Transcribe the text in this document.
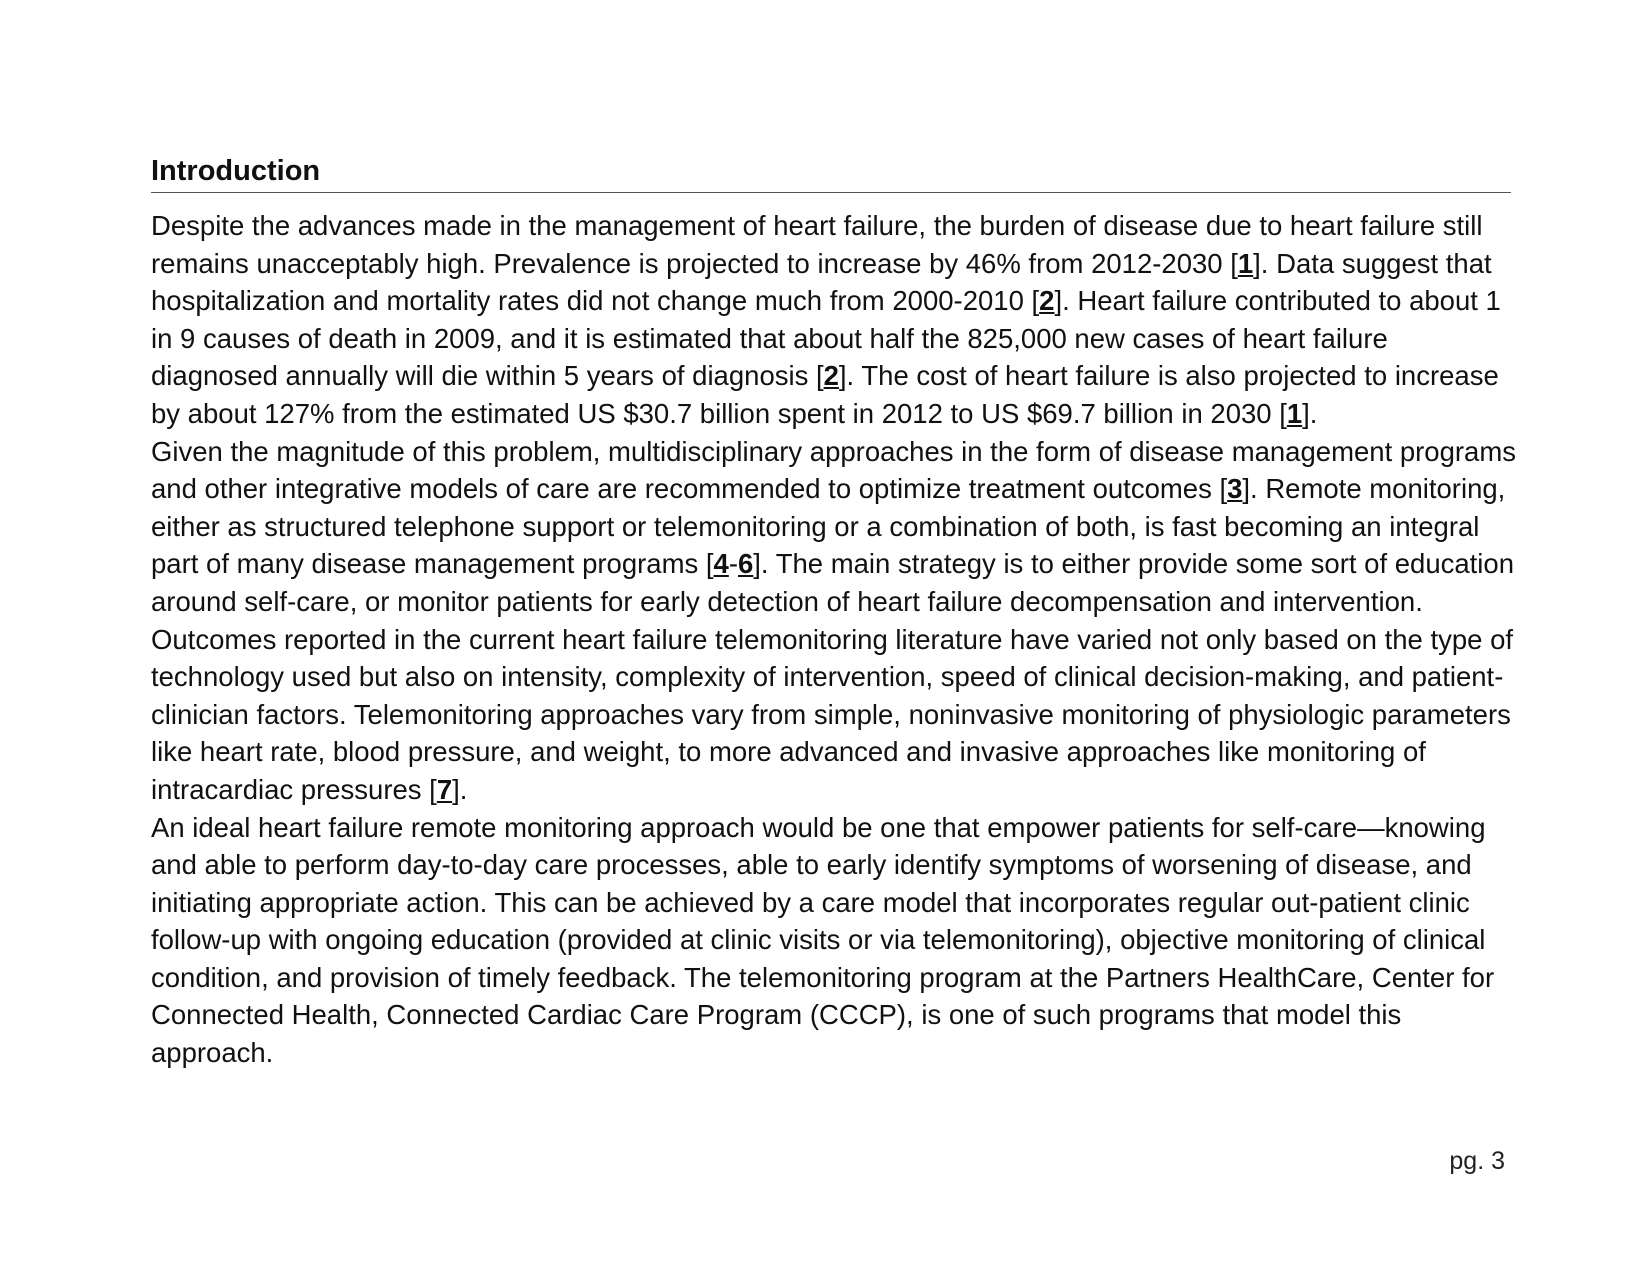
Introduction

Despite the advances made in the management of heart failure, the burden of disease due to heart failure still remains unacceptably high. Prevalence is projected to increase by 46% from 2012-2030 [1]. Data suggest that hospitalization and mortality rates did not change much from 2000-2010 [2]. Heart failure contributed to about 1 in 9 causes of death in 2009, and it is estimated that about half the 825,000 new cases of heart failure diagnosed annually will die within 5 years of diagnosis [2]. The cost of heart failure is also projected to increase by about 127% from the estimated US $30.7 billion spent in 2012 to US $69.7 billion in 2030 [1].

Given the magnitude of this problem, multidisciplinary approaches in the form of disease management programs and other integrative models of care are recommended to optimize treatment outcomes [3]. Remote monitoring, either as structured telephone support or telemonitoring or a combination of both, is fast becoming an integral part of many disease management programs [4-6]. The main strategy is to either provide some sort of education around self-care, or monitor patients for early detection of heart failure decompensation and intervention. Outcomes reported in the current heart failure telemonitoring literature have varied not only based on the type of technology used but also on intensity, complexity of intervention, speed of clinical decision-making, and patient-clinician factors. Telemonitoring approaches vary from simple, noninvasive monitoring of physiologic parameters like heart rate, blood pressure, and weight, to more advanced and invasive approaches like monitoring of intracardiac pressures [7].

An ideal heart failure remote monitoring approach would be one that empower patients for self-care—knowing and able to perform day-to-day care processes, able to early identify symptoms of worsening of disease, and initiating appropriate action. This can be achieved by a care model that incorporates regular out-patient clinic follow-up with ongoing education (provided at clinic visits or via telemonitoring), objective monitoring of clinical condition, and provision of timely feedback. The telemonitoring program at the Partners HealthCare, Center for Connected Health, Connected Cardiac Care Program (CCCP), is one of such programs that model this approach.

pg. 3
